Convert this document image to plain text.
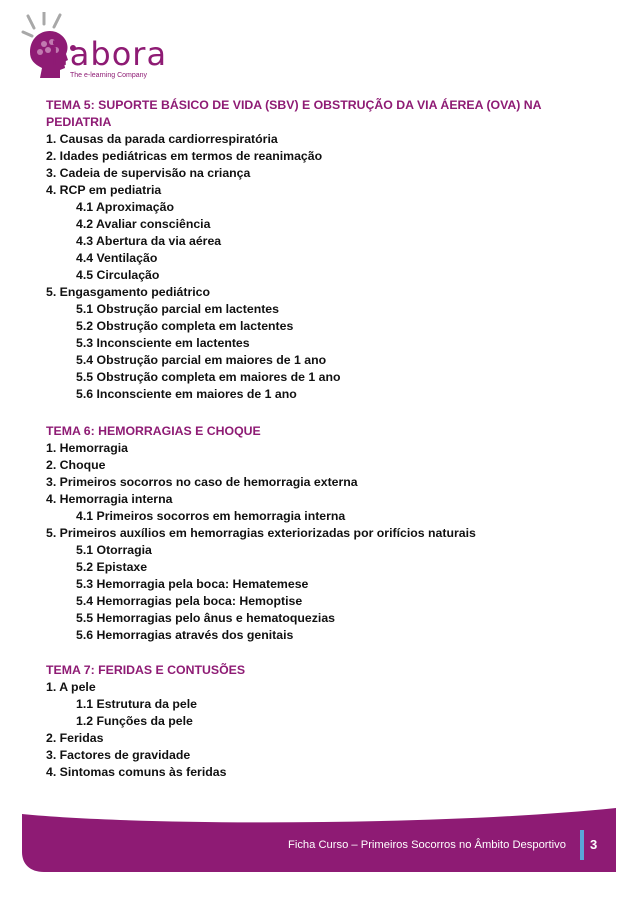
ilabora
The e-learning Company
TEMA 5: SUPORTE BÁSICO DE VIDA (SBV) E OBSTRUÇÃO DA VIA ÁEREA (OVA) NA PEDIATRIA
1. Causas da parada cardiorrespiratória
2. Idades pediátricas em termos de reanimação
3. Cadeia de supervisão na criança
4. RCP em pediatria
4.1 Aproximação
4.2 Avaliar consciência
4.3 Abertura da via aérea
4.4 Ventilação
4.5 Circulação
5. Engasgamento pediátrico
5.1 Obstrução parcial em lactentes
5.2 Obstrução completa em lactentes
5.3 Inconsciente em lactentes
5.4 Obstrução parcial em maiores de 1 ano
5.5 Obstrução completa em maiores de 1 ano
5.6 Inconsciente em maiores de 1 ano
TEMA 6: HEMORRAGIAS E CHOQUE
1. Hemorragia
2. Choque
3. Primeiros socorros no caso de hemorragia externa
4. Hemorragia interna
4.1 Primeiros socorros em hemorragia interna
5. Primeiros auxílios em hemorragias exteriorizadas por orifícios naturais
5.1 Otorragia
5.2 Epistaxe
5.3 Hemorragia pela boca: Hematemese
5.4 Hemorragias pela boca: Hemoptise
5.5 Hemorragias pelo ânus e hematoquezias
5.6 Hemorragias através dos genitais
TEMA 7: FERIDAS E CONTUSÕES
1. A pele
1.1 Estrutura da pele
1.2 Funções da pele
2. Feridas
3. Factores de gravidade
4. Sintomas comuns às feridas
Ficha Curso – Primeiros Socorros no Âmbito Desportivo 3
